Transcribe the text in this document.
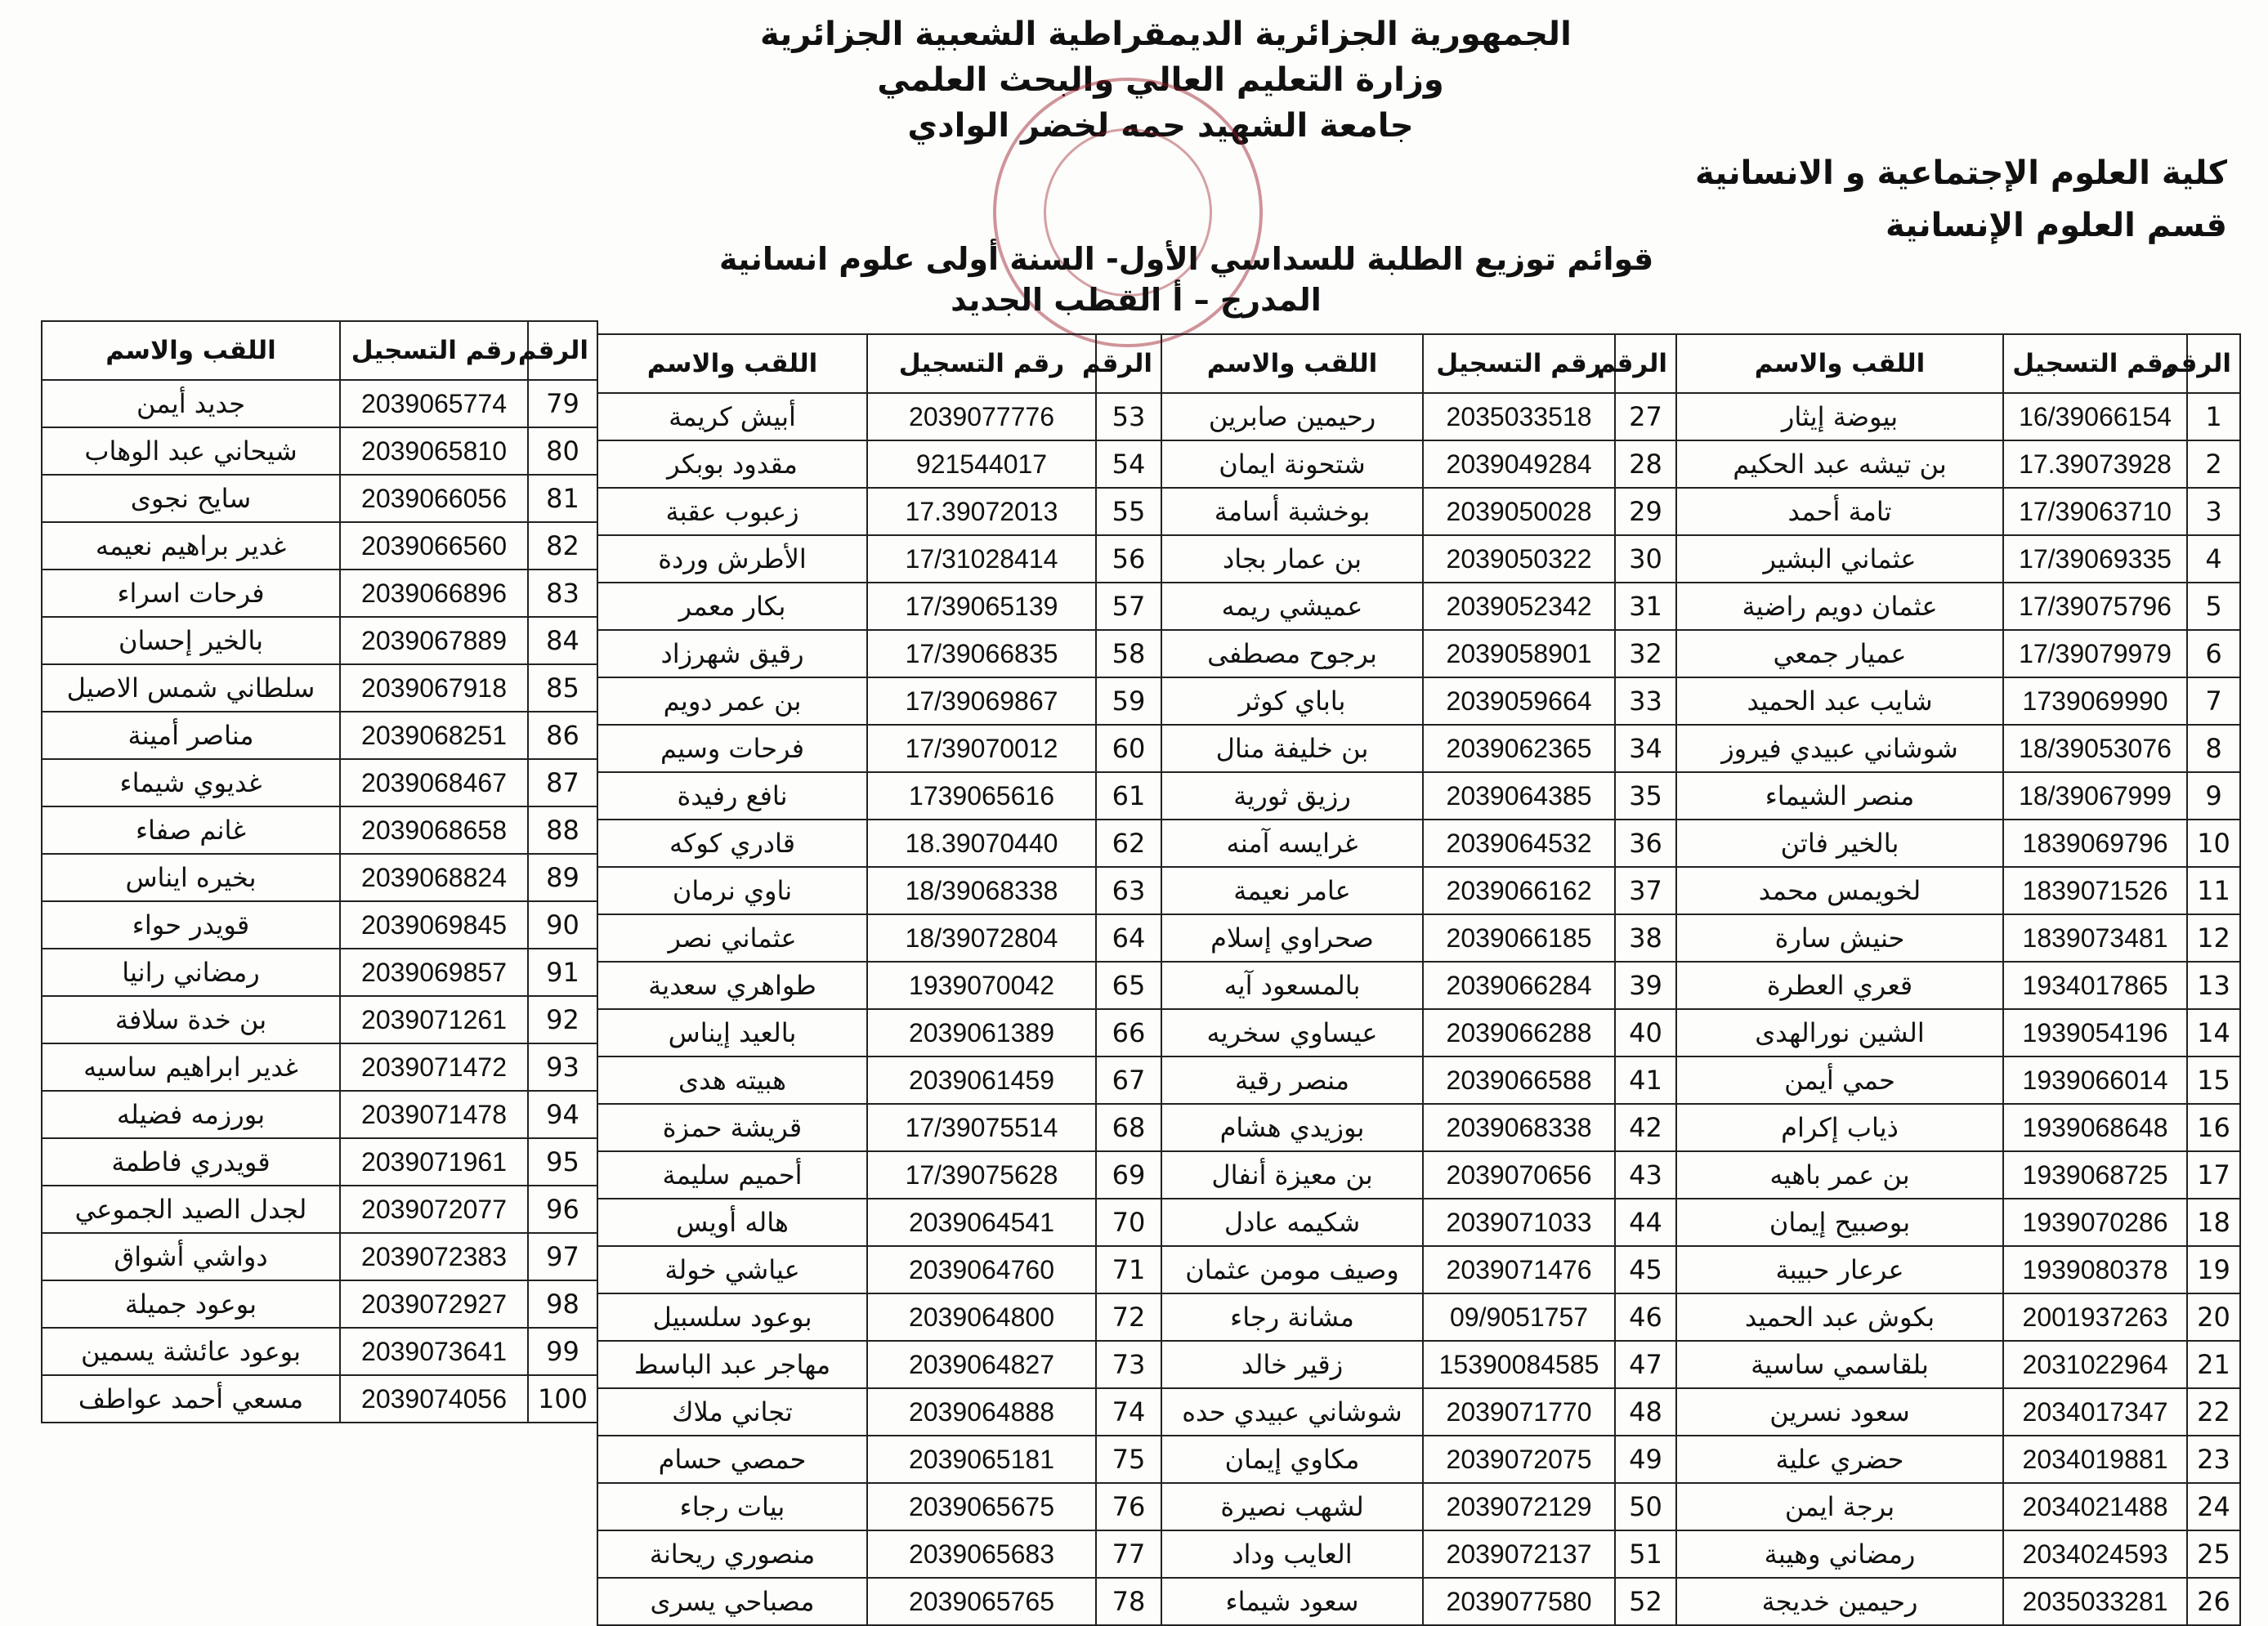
الجمهورية الجزائرية الديمقراطية الشعبية الجزائرية
وزارة التعليم العالي والبحث العلمي
جامعة الشهيد حمه لخضر الوادي
كلية العلوم الإجتماعية و الانسانية
قسم العلوم الإنسانية
قوائم توزيع الطلبة للسداسي الأول- السنة أولى علوم انسانية
المدرج – أ القطب الجديد
الرقم	رقم التسجيل	اللقب والاسم
1	16/39066154	بيوضة إيثار
2	17.39073928	بن تيشه عبد الحكيم
3	17/39063710	تامة أحمد
4	17/39069335	عثماني البشير
5	17/39075796	عثمان دويم راضية
6	17/39079979	عميار جمعي
7	1739069990	شايب عبد الحميد
8	18/39053076	شوشاني عبيدي فيروز
9	18/39067999	منصر الشيماء
10	1839069796	بالخير فاتن
11	1839071526	لخويمس محمد
12	1839073481	حنيش سارة
13	1934017865	قعري العطرة
14	1939054196	الشين نورالهدى
15	1939066014	حمي أيمن
16	1939068648	ذياب إكرام
17	1939068725	بن عمر باهيه
18	1939070286	بوصبيح إيمان
19	1939080378	عرعار حبيبة
20	2001937263	بكوش عبد الحميد
21	2031022964	بلقاسمي ساسية
22	2034017347	سعود نسرين
23	2034019881	حضري علية
24	2034021488	برجة ايمن
25	2034024593	رمضاني وهيبة
26	2035033281	رحيمين خديجة
الرقم	رقم التسجيل	اللقب والاسم
27	2035033518	رحيمين صابرين
28	2039049284	شتحونة ايمان
29	2039050028	بوخشبة أسامة
30	2039050322	بن عمار بجاد
31	2039052342	عميشي ريمه
32	2039058901	برجوح مصطفى
33	2039059664	باباي كوثر
34	2039062365	بن خليفة منال
35	2039064385	رزيق ثورية
36	2039064532	غرايسه آمنه
37	2039066162	عامر نعيمة
38	2039066185	صحراوي إسلام
39	2039066284	بالمسعود آيه
40	2039066288	عيساوي سخريه
41	2039066588	منصر رقية
42	2039068338	بوزيدي هشام
43	2039070656	بن معيزة أنفال
44	2039071033	شكيمه عادل
45	2039071476	وصيف مومن عثمان
46	09/9051757	مشانة رجاء
47	15390084585	زقير خالد
48	2039071770	شوشاني عبيدي حده
49	2039072075	مكاوي إيمان
50	2039072129	لشهب نصيرة
51	2039072137	العايب وداد
52	2039077580	سعود شيماء
الرقم	رقم التسجيل	اللقب والاسم
53	2039077776	أبيش كريمة
54	921544017	مقدود بوبكر
55	17.39072013	زعبوب عقبة
56	17/31028414	الأطرش وردة
57	17/39065139	بكار معمر
58	17/39066835	رقيق شهرزاد
59	17/39069867	بن عمر دويم
60	17/39070012	فرحات وسيم
61	1739065616	نافع رفيدة
62	18.39070440	قادري كوكه
63	18/39068338	ناوي نرمان
64	18/39072804	عثماني نصر
65	1939070042	طواهري سعدية
66	2039061389	بالعيد إيناس
67	2039061459	هبيته هدى
68	17/39075514	قريشة حمزة
69	17/39075628	أحميم سليمة
70	2039064541	هاله أويس
71	2039064760	عياشي خولة
72	2039064800	بوعود سلسبيل
73	2039064827	مهاجر عبد الباسط
74	2039064888	تجاني ملاك
75	2039065181	حمصي حسام
76	2039065675	بيات رجاء
77	2039065683	منصوري ريحانة
78	2039065765	مصباحي يسرى
الرقم	رقم التسجيل	اللقب والاسم
79	2039065774	جديد أيمن
80	2039065810	شيحاني عبد الوهاب
81	2039066056	سايح نجوى
82	2039066560	غدير براهيم نعيمه
83	2039066896	فرحات اسراء
84	2039067889	بالخير إحسان
85	2039067918	سلطاني شمس الاصيل
86	2039068251	مناصر أمينة
87	2039068467	غديوي شيماء
88	2039068658	غانم صفاء
89	2039068824	بخيره ايناس
90	2039069845	قويدر حواء
91	2039069857	رمضاني رانيا
92	2039071261	بن خدة سلافة
93	2039071472	غدير ابراهيم ساسيه
94	2039071478	بورزمه فضيله
95	2039071961	قويدري فاطمة
96	2039072077	لجدل الصيد الجموعي
97	2039072383	دواشي أشواق
98	2039072927	بوعود جميلة
99	2039073641	بوعود عائشة يسمين
100	2039074056	مسعي أحمد عواطف
